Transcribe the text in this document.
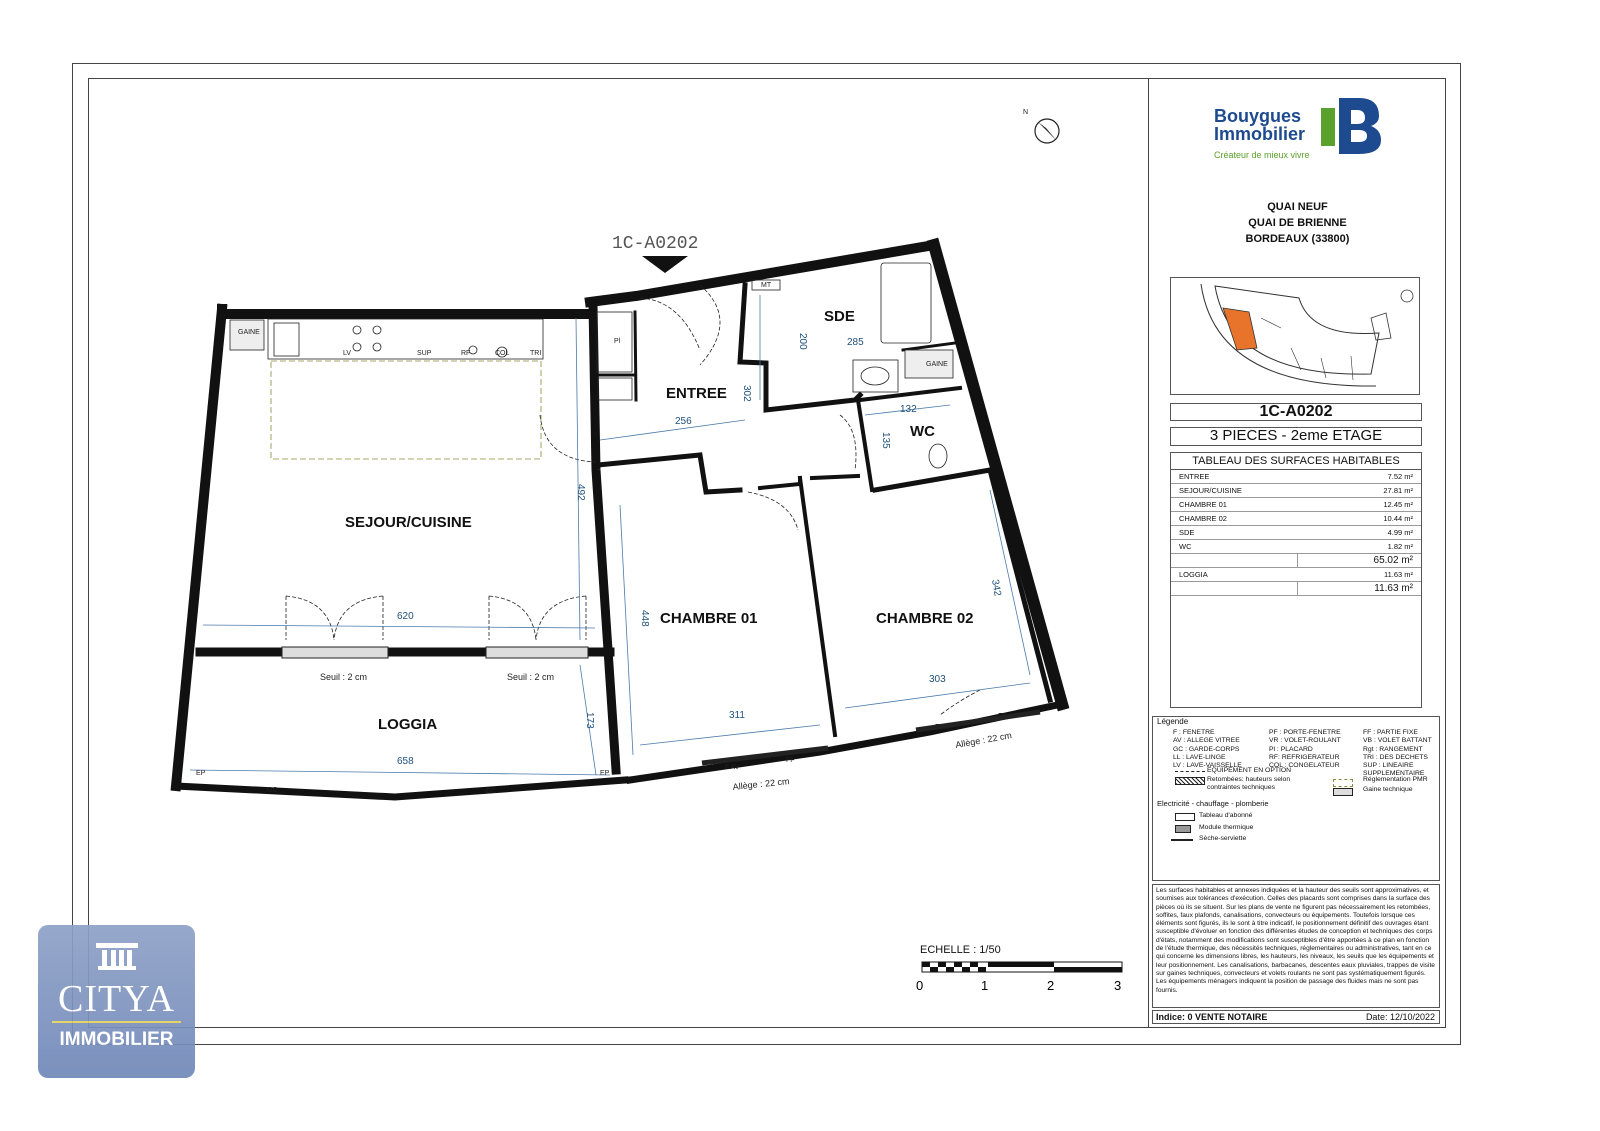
N
1C-A0202
256
302
200	285
132
135
492
620	448
342
303
311
173
658
GAINE
GAINE
LV	SUP	RF	COL	TRI
Pl
MT
EP	EP
GC	GC
F.AV
FF
F.AV
FF
SEJOUR/CUISINE
ENTREE
SDE
WC
CHAMBRE 01	CHAMBRE 02
LOGGIA
Seuil : 2 cm	Seuil : 2 cm
Allège : 22 cm
Allège : 22 cm
Bouygues
Immobilier
Créateur de mieux vivre
QUAI NEUF
QUAI DE BRIENNE
BORDEAUX (33800)
1C-A0202
3 PIECES - 2eme ETAGE
TABLEAU DES SURFACES HABITABLES
ENTREE	7.52 m²
SEJOUR/CUISINE	27.81 m²
CHAMBRE 01	12.45 m²
CHAMBRE 02	10.44 m²
SDE	4.99 m²
WC	1.82 m²
65.02 m²
LOGGIA	11.63 m²
11.63 m²
Légende
F : FENETRE
AV : ALLEGE VITREE
GC : GARDE-CORPS
LL : LAVE-LINGE
LV : LAVE-VAISSELLE
PF : PORTE-FENETRE
VR : VOLET-ROULANT
Pl : PLACARD
RF: REFRIGERATEUR
COL : CONGELATEUR
FF : PARTIE FIXE
VB : VOLET BATTANT
Rgt : RANGEMENT
TRI : DES DECHETS
SUP : LINEAIRE
SUPPLEMENTAIRE
EQUIPEMENT EN OPTION
Retombées: hauteurs selon
contraintes techniques
Réglementation PMR
Gaine technique
Electricité - chauffage - plomberie
Tableau d'abonné
Module thermique
Sèche-serviette
Les surfaces habitables et annexes indiquées et la hauteur des seuils sont approximatives, et soumises aux tolérances d'exécution. Celles des placards sont comprises dans la surface des pièces où ils se situent. Sur les plans de vente ne figurent pas nécessairement les retombées, soffites, faux plafonds, canalisations, convecteurs ou équipements. Toutefois lorsque ces éléments sont figurés, ils le sont à titre indicatif, le positionnement définitif des ouvrages étant susceptible d'évoluer en fonction des différentes études de conception et techniques des corps d'états, notamment des modifications sont susceptibles d'être apportées à ce plan en fonction de l'étude thermique, des nécessités techniques, réglementaires ou administratives, tant en ce qui concerne les dimensions libres, les hauteurs, les niveaux, les seuils que les équipements et leur positionnement. Les canalisations, barbacanes, descentes eaux pluviales, trappes de visite sur gaines techniques, convecteurs et volets roulants ne sont pas systématiquement figurés. Les équipements ménagers indiquent la position de passage des fluides mais ne sont pas fournis.
Indice: 0 VENTE NOTAIRE	Date: 12/10/2022
ECHELLE : 1/50
0	1	2	3
CITYA
IMMOBILIER
